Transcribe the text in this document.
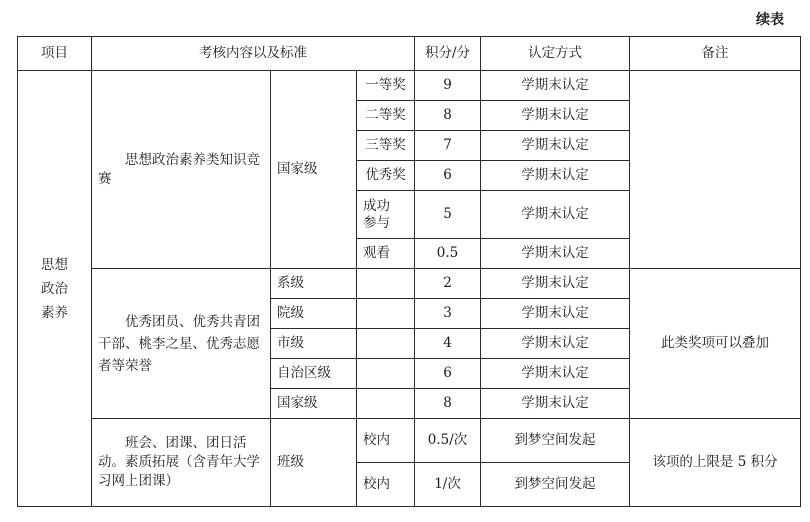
续表
项目	考核内容以及标准			积分/分	认定方式	备注
思想
政治
素养	思想政治素养类知识竞赛	国家级	一等奖	9	学期末认定	
			二等奖	8	学期末认定	
			三等奖	7	学期末认定	
			优秀奖	6	学期末认定	
			成功
参与	5	学期末认定	
			观看	0.5	学期末认定	
	优秀团员、优秀共青团干部、桃李之星、优秀志愿者等荣誉	系级		2	学期末认定	此类奖项可以叠加
		院级		3	学期末认定	
		市级		4	学期末认定	
		自治区级		6	学期末认定	
		国家级		8	学期末认定	
	班会、团课、团日活动。素质拓展（含青年大学习网上团课）	班级	校内	0.5/次	到梦空间发起	该项的上限是 5 积分
			校内	1/次	到梦空间发起	
